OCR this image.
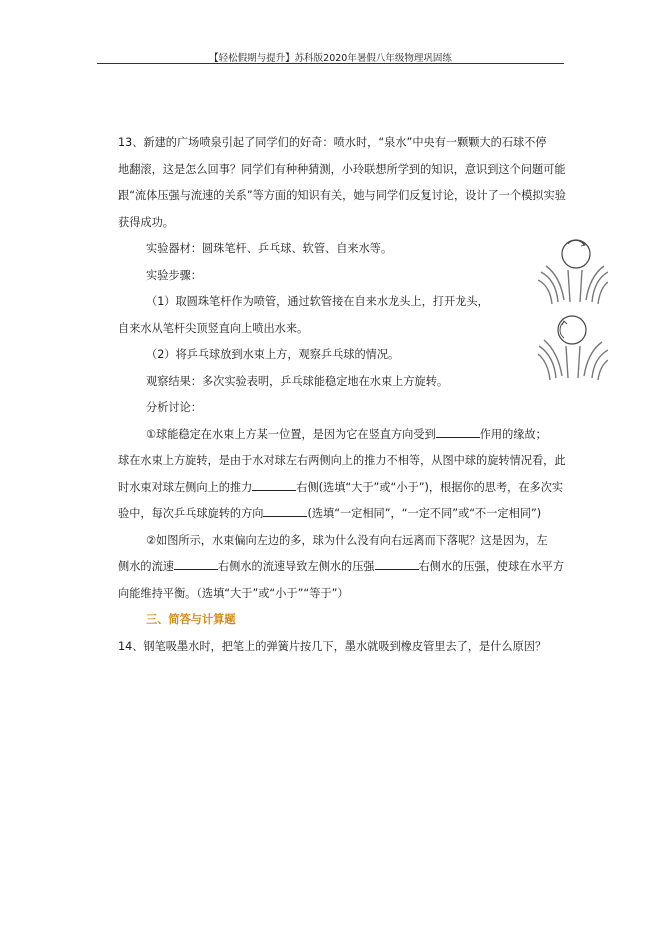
【轻松假期与提升】苏科版2020年暑假八年级物理巩固练

13、新建的广场喷泉引起了同学们的好奇：喷水时，“泉水”中央有一颗颗大的石球不停

地翻滚，这是怎么回事？同学们有种种猜测，小玲联想所学到的知识，意识到这个问题可能

跟“流体压强与流速的关系”等方面的知识有关，她与同学们反复讨论，设计了一个模拟实验

获得成功。

实验器材：圆珠笔杆、乒乓球、软管、自来水等。

实验步骤：

（1）取圆珠笔杆作为喷管，通过软管接在自来水龙头上，打开龙头，

自来水从笔杆尖顶竖直向上喷出水来。

（2）将乒乓球放到水束上方，观察乒乓球的情况。

观察结果：多次实验表明，乒乓球能稳定地在水束上方旋转。

分析讨论：

①球能稳定在水束上方某一位置，是因为它在竖直方向受到	作用的缘故；

球在水束上方旋转，是由于水对球左右两侧向上的推力不相等，从图中球的旋转情况看，此

时水束对球左侧向上的推力	右侧(选填“大于”或“小于”)，根据你的思考，在多次实

验中，每次乒乓球旋转的方向	(选填“一定相同”，“一定不同”或“不一定相同”)

②如图所示，水束偏向左边的多，球为什么没有向右远离而下落呢？这是因为，左

侧水的流速	右侧水的流速导致左侧水的压强	右侧水的压强，使球在水平方

向能维持平衡。（选填“大于”或“小于”“等于”）

三、简答与计算题

14、钢笔吸墨水时，把笔上的弹簧片按几下，墨水就吸到橡皮管里去了，是什么原因？
